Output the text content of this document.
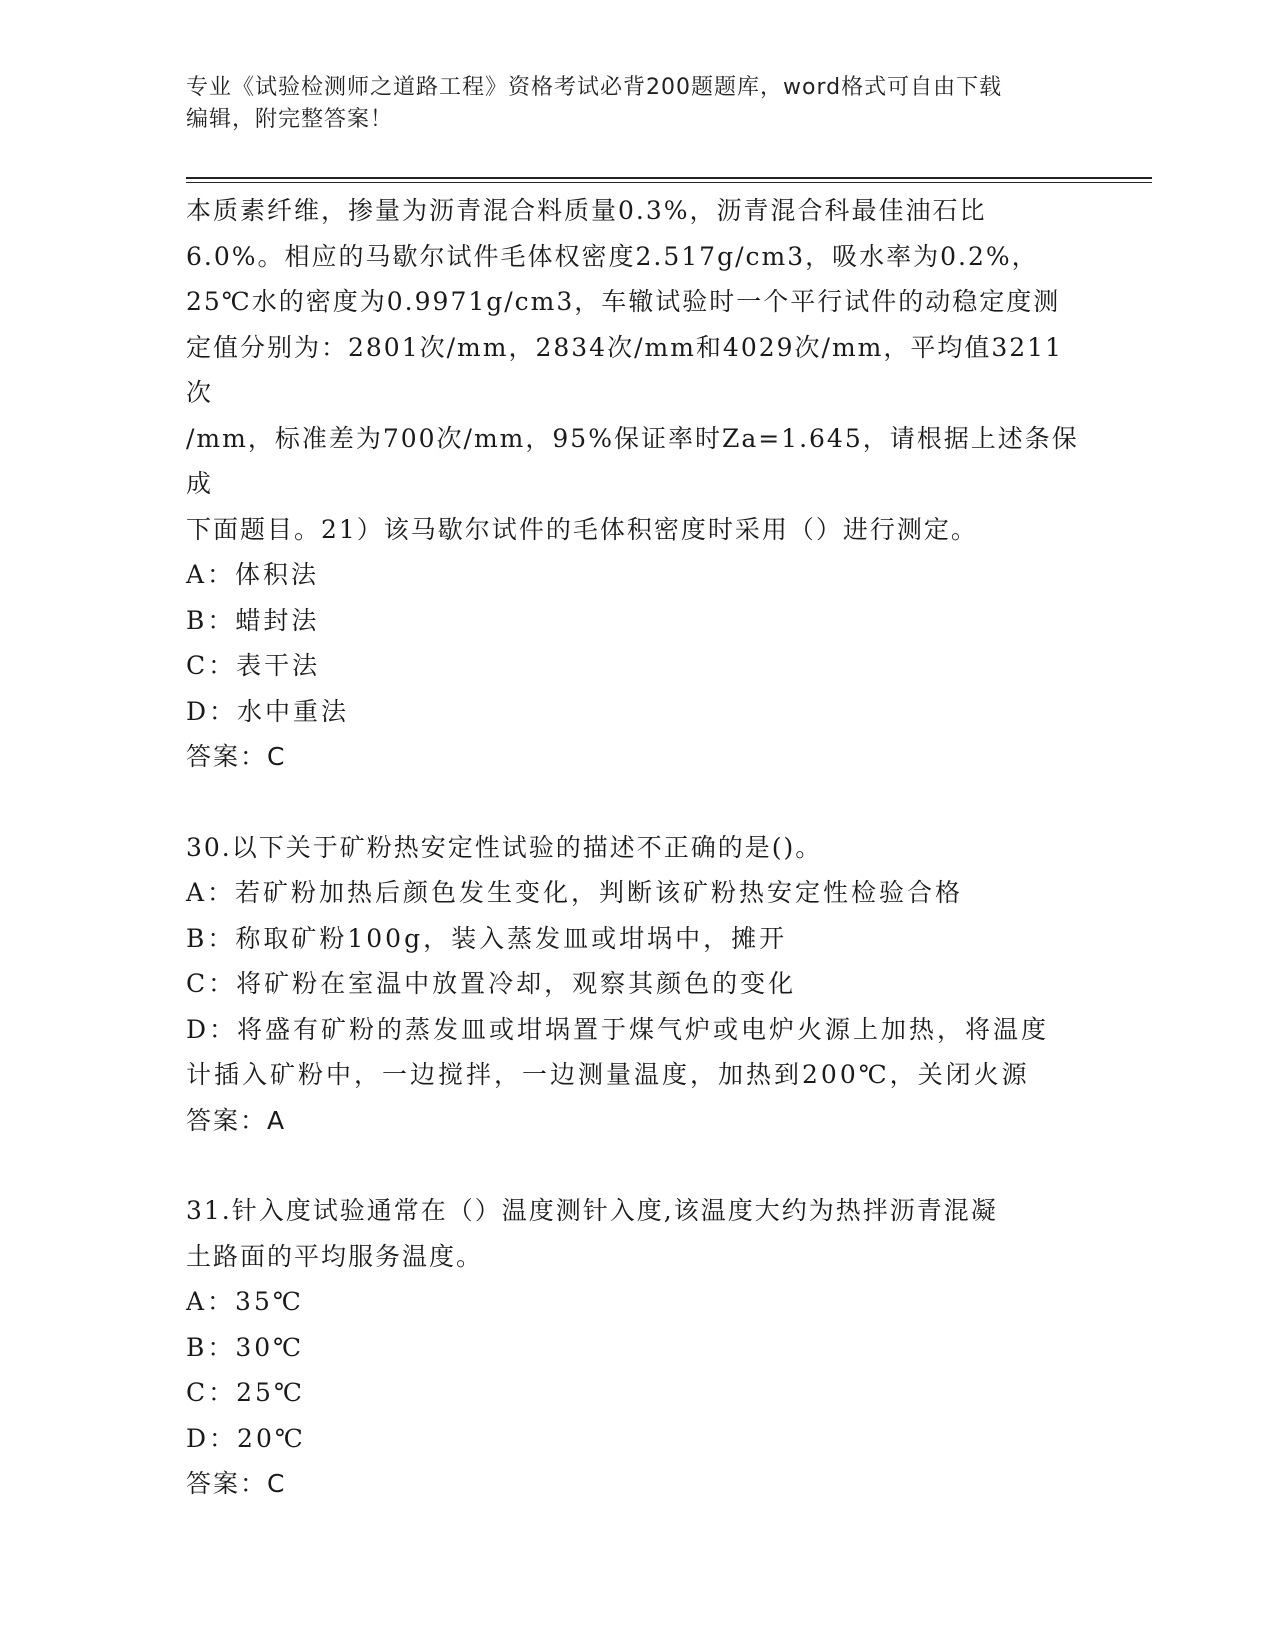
专业《试验检测师之道路工程》资格考试必背200题题库，word格式可自由下载
编辑，附完整答案！

本质素纤维，掺量为沥青混合料质量0.3%，沥青混合科最佳油石比

6.0%。相应的马歇尔试件毛体权密度2.517g/cm3，吸水率为0.2%，

25℃水的密度为0.9971g/cm3，车辙试验时一个平行试件的动稳定度测

定值分别为：2801次/mm，2834次/mm和4029次/mm，平均值3211次

/mm，标准差为700次/mm，95%保证率时Za=1.645，请根据上述条保成

下面题目。21）该马歇尔试件的毛体积密度时采用（）进行测定。

A：体积法

B：蜡封法

C：表干法

D：水中重法

答案：C

30.以下关于矿粉热安定性试验的描述不正确的是()。

A：若矿粉加热后颜色发生变化，判断该矿粉热安定性检验合格

B：称取矿粉100g，装入蒸发皿或坩埚中，摊开

C：将矿粉在室温中放置冷却，观察其颜色的变化

D：将盛有矿粉的蒸发皿或坩埚置于煤气炉或电炉火源上加热，将温度

计插入矿粉中，一边搅拌，一边测量温度，加热到200℃，关闭火源

答案：A

31.针入度试验通常在（）温度测针入度,该温度大约为热拌沥青混凝

土路面的平均服务温度。

A：35℃

B：30℃

C：25℃

D：20℃

答案：C
